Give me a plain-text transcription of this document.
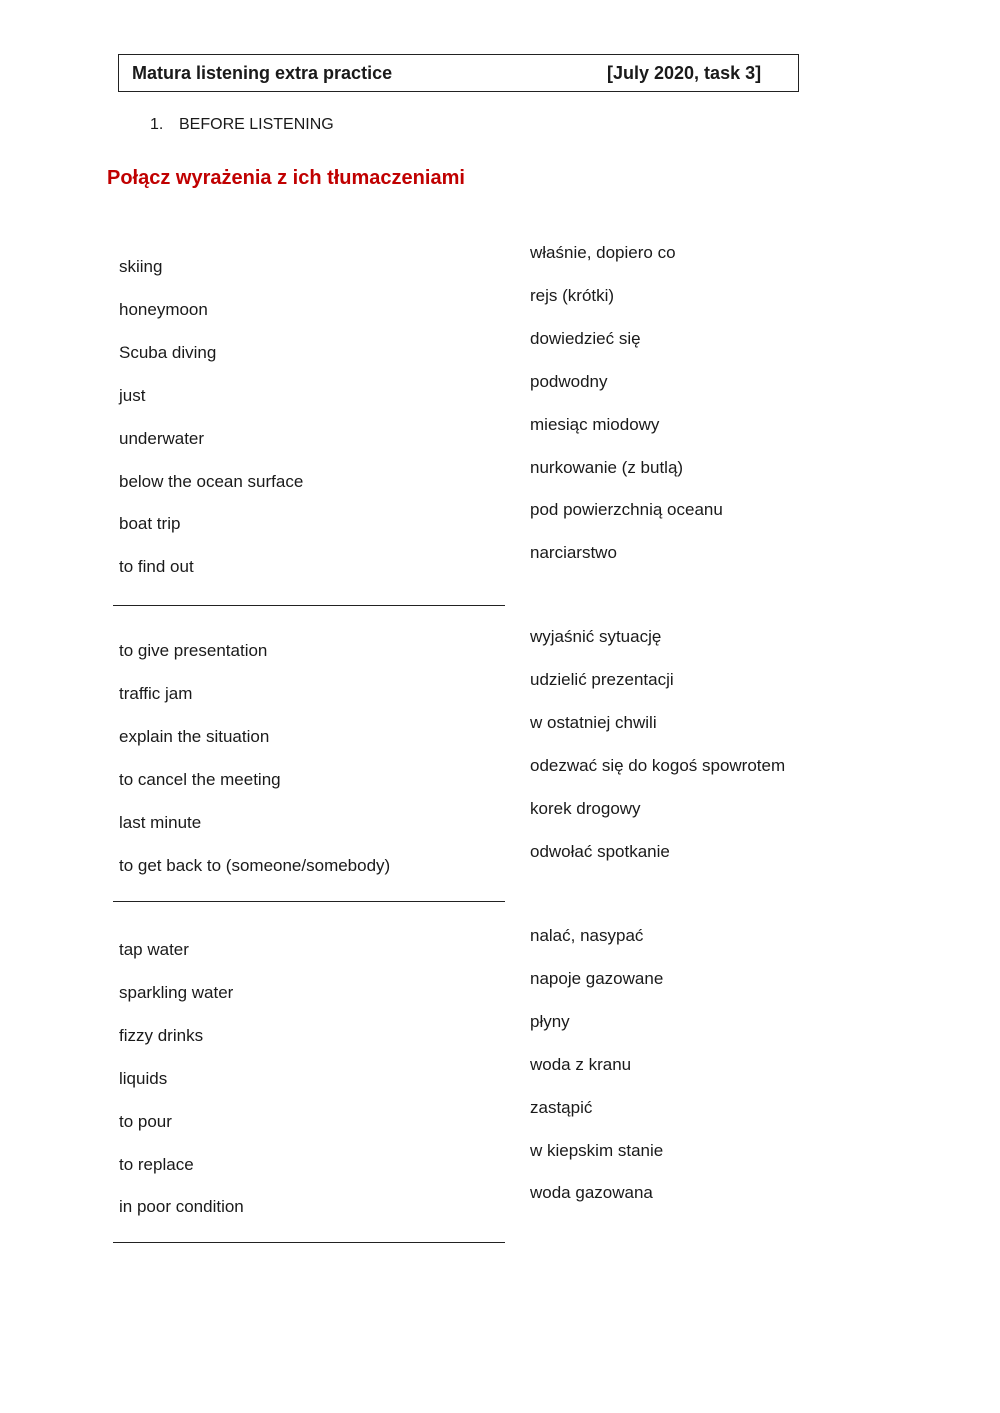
Matura listening extra practice	[July 2020, task 3]
1. BEFORE LISTENING
Połącz wyrażenia z ich tłumaczeniami
skiing
honeymoon
Scuba diving
just
underwater
below the ocean surface
boat trip
to find out
właśnie, dopiero co
rejs (krótki)
dowiedzieć się
podwodny
miesiąc miodowy
nurkowanie (z butlą)
pod powierzchnią oceanu
narciarstwo
to give presentation
traffic jam
explain the situation
to cancel the meeting
last minute
to get back to (someone/somebody)
wyjaśnić sytuację
udzielić prezentacji
w ostatniej chwili
odezwać się do kogoś spowrotem
korek drogowy
odwołać spotkanie
tap water
sparkling water
fizzy drinks
liquids
to pour
to replace
in poor condition
nalać, nasypać
napoje gazowane
płyny
woda z kranu
zastąpić
w kiepskim stanie
woda gazowana
